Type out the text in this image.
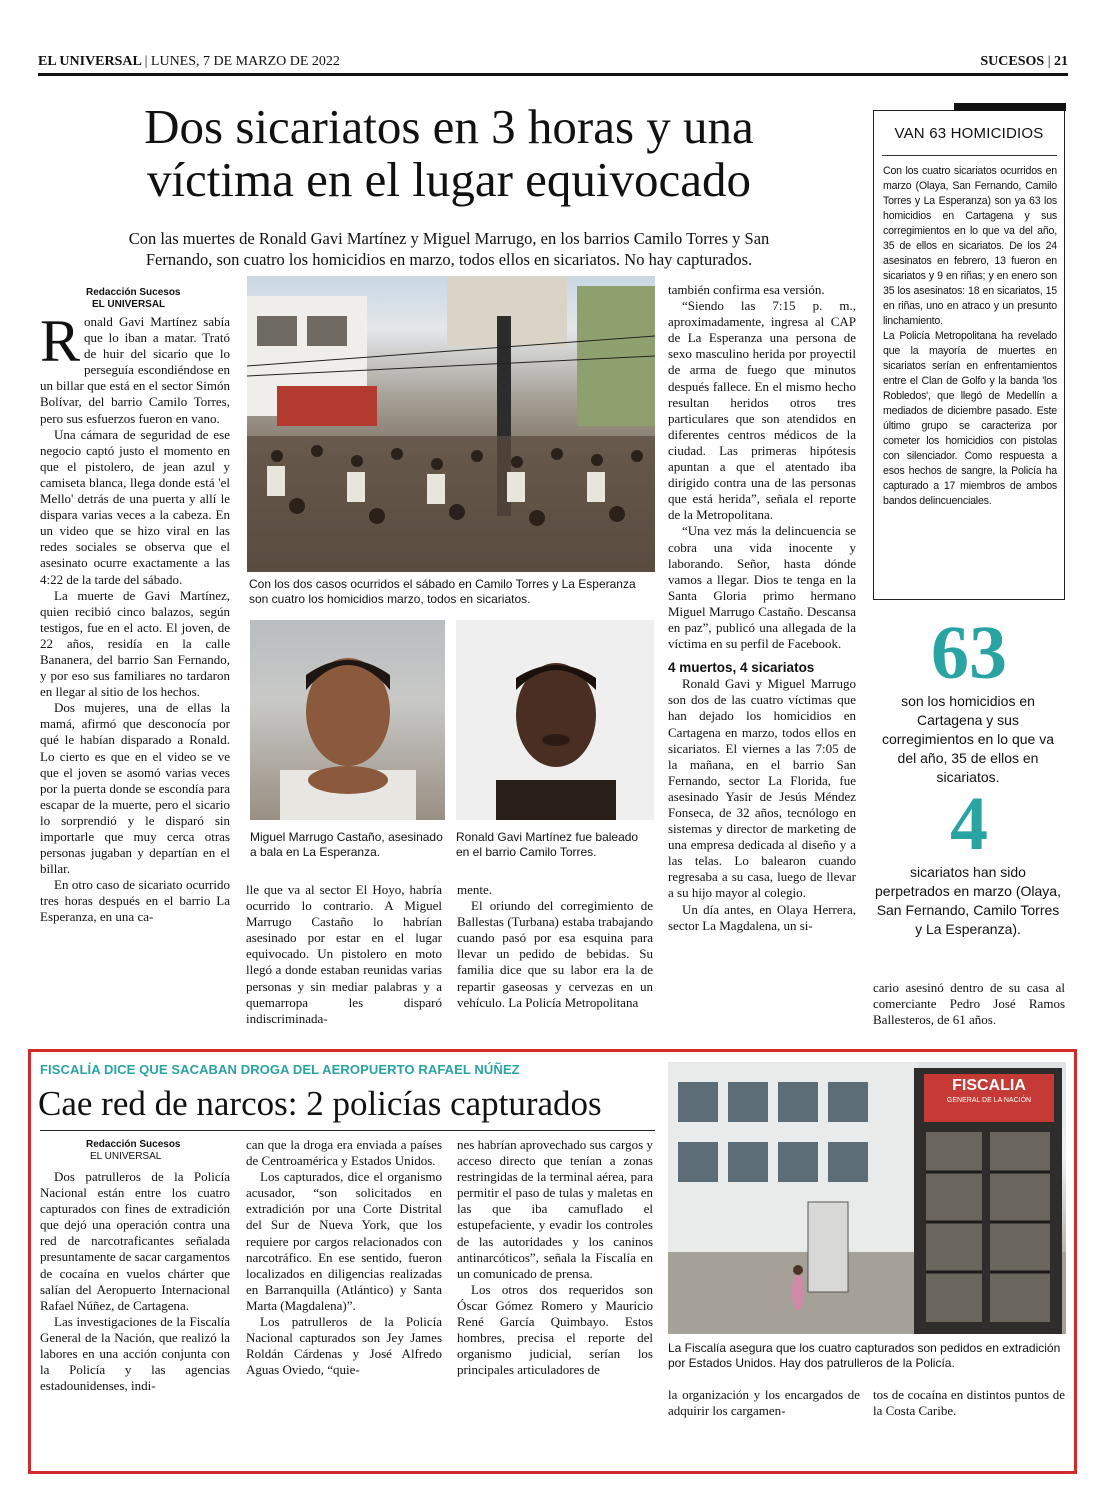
EL UNIVERSAL | LUNES, 7 DE MARZO DE 2022	SUCESOS | 21
Dos sicariatos en 3 horas y una
víctima en el lugar equivocado
Con las muertes de Ronald Gavi Martínez y Miguel Marrugo, en los barrios Camilo Torres y San
Fernando, son cuatro los homicidios en marzo, todos ellos en sicariatos. No hay capturados.
Redacción Sucesos
EL UNIVERSAL
R onald Gavi Martínez sabía que lo iban a matar. Trató de huir del sicario que lo perseguía escondiéndose en un billar que está en el sector Simón Bolívar, del barrio Camilo Torres, pero sus esfuerzos fueron en vano.

Una cámara de seguridad de ese negocio captó justo el momento en que el pistolero, de jean azul y camiseta blanca, llega donde está 'el Mello' detrás de una puerta y allí le dispara varias veces a la cabeza. En un video que se hizo viral en las redes sociales se observa que el asesinato ocurre exactamente a las 4:22 de la tarde del sábado.

La muerte de Gavi Martínez, quien recibió cinco balazos, según testigos, fue en el acto. El joven, de 22 años, residía en la calle Bananera, del barrio San Fernando, y por eso sus familiares no tardaron en llegar al sitio de los hechos.

Dos mujeres, una de ellas la mamá, afirmó que desconocía por qué le habían disparado a Ronald. Lo cierto es que en el video se ve que el joven se asomó varias veces por la puerta donde se escondía para escapar de la muerte, pero el sicario lo sorprendió y le disparó sin importarle que muy cerca otras personas jugaban y departían en el billar.

En otro caso de sicariato ocurrido tres horas después en el barrio La Esperanza, en una ca-

Con los dos casos ocurridos el sábado en Camilo Torres y La Esperanza son cuatro los homicidios marzo, todos en sicariatos.
Miguel Marrugo Castaño, asesinado a bala en La Esperanza.
Ronald Gavi Martínez fue baleado en el barrio Camilo Torres.

lle que va al sector El Hoyo, habría ocurrido lo contrario. A Miguel Marrugo Castaño lo habrían asesinado por estar en el lugar equivocado. Un pistolero en moto llegó a donde estaban reunidas varias personas y sin mediar palabras y a quemarropa les disparó indiscriminada-

mente.

El oriundo del corregimiento de Ballestas (Turbana) estaba trabajando cuando pasó por esa esquina para llevar un pedido de bebidas. Su familia dice que su labor era la de repartir gaseosas y cervezas en un vehículo. La Policía Metropolitana

también confirma esa versión.

“Siendo las 7:15 p. m., aproximadamente, ingresa al CAP de La Esperanza una persona de sexo masculino herida por proyectil de arma de fuego que minutos después fallece. En el mismo hecho resultan heridos otros tres particulares que son atendidos en diferentes centros médicos de la ciudad. Las primeras hipótesis apuntan a que el atentado iba dirigido contra una de las personas que está herida”, señala el reporte de la Metropolitana.

“Una vez más la delincuencia se cobra una vida inocente y laborando. Señor, hasta dónde vamos a llegar. Dios te tenga en la Santa Gloria primo hermano Miguel Marrugo Castaño. Descansa en paz”, publicó una allegada de la víctima en su perfil de Facebook.

4 muertos, 4 sicariatos

Ronald Gavi y Miguel Marrugo son dos de las cuatro víctimas que han dejado los homicidios en Cartagena en marzo, todos ellos en sicariatos. El viernes a las 7:05 de la mañana, en el barrio San Fernando, sector La Florida, fue asesinado Yasir de Jesús Méndez Fonseca, de 32 años, tecnólogo en sistemas y director de marketing de una empresa dedicada al diseño y a las telas. Lo balearon cuando regresaba a su casa, luego de llevar a su hijo mayor al colegio.

Un día antes, en Olaya Herrera, sector La Magdalena, un si-

VAN 63 HOMICIDIOS
Con los cuatro sicariatos ocurridos en marzo (Olaya, San Fernando, Camilo Torres y La Esperanza) son ya 63 los homicidios en Cartagena y sus corregimientos en lo que va del año, 35 de ellos en sicariatos. De los 24 asesinatos en febrero, 13 fueron en sicariatos y 9 en riñas; y en enero son 35 los asesinatos: 18 en sicariatos, 15 en riñas, uno en atraco y un presunto linchamiento.
La Policía Metropolitana ha revelado que la mayoría de muertes en sicariatos serían en enfrentamientos entre el Clan de Golfo y la banda 'los Robledos', que llegó de Medellín a mediados de diciembre pasado. Este último grupo se caracteriza por cometer los homicidios con pistolas con silenciador. Como respuesta a esos hechos de sangre, la Policía ha capturado a 17 miembros de ambos bandos delincuenciales.
63
son los homicidios en Cartagena y sus corregimientos en lo que va del año, 35 de ellos en sicariatos.
4
sicariatos han sido perpetrados en marzo (Olaya, San Fernando, Camilo Torres y La Esperanza).

cario asesinó dentro de su casa al comerciante Pedro José Ramos Ballesteros, de 61 años.

FISCALÍA DICE QUE SACABAN DROGA DEL AEROPUERTO RAFAEL NÚÑEZ
Cae red de narcos: 2 policías capturados
Redacción Sucesos
EL UNIVERSAL

Dos patrulleros de la Policía Nacional están entre los cuatro capturados con fines de extradición que dejó una operación contra una red de narcotraficantes señalada presuntamente de sacar cargamentos de cocaína en vuelos chárter que salían del Aeropuerto Internacional Rafael Núñez, de Cartagena.

Las investigaciones de la Fiscalía General de la Nación, que realizó la labores en una acción conjunta con la Policía y las agencias estadounidenses, indi-

can que la droga era enviada a países de Centroamérica y Estados Unidos.

Los capturados, dice el organismo acusador, “son solicitados en extradición por una Corte Distrital del Sur de Nueva York, que los requiere por cargos relacionados con narcotráfico. En ese sentido, fueron localizados en diligencias realizadas en Barranquilla (Atlántico) y Santa Marta (Magdalena)”.

Los patrulleros de la Policía Nacional capturados son Jey James Roldán Cárdenas y José Alfredo Aguas Oviedo, “quie-

nes habrían aprovechado sus cargos y acceso directo que tenían a zonas restringidas de la terminal aérea, para permitir el paso de tulas y maletas en las que iba camuflado el estupefaciente, y evadir los controles de las autoridades y los caninos antinarcóticos”, señala la Fiscalía en un comunicado de prensa.

Los otros dos requeridos son Óscar Gómez Romero y Mauricio René García Quimbayo. Estos hombres, precisa el reporte del organismo judicial, serían los principales articuladores de

FISCALIA
GENERAL DE LA NACIÓN
La Fiscalía asegura que los cuatro capturados son pedidos en extradición por Estados Unidos. Hay dos patrulleros de la Policía.

la organización y los encargados de adquirir los cargamen-

tos de cocaína en distintos puntos de la Costa Caribe.
